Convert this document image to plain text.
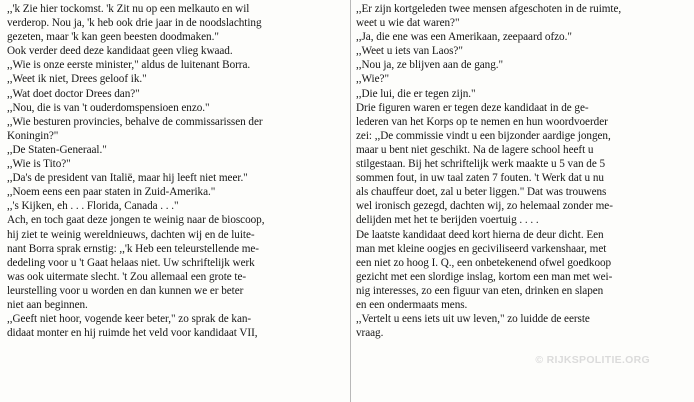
,,'k Zie hier tockomst. 'k Zit nu op een melkauto en wil
verderop. Nou ja, 'k heb ook drie jaar in de noodslachting
gezeten, maar 'k kan geen beesten doodmaken."
Ook verder deed deze kandidaat geen vlieg kwaad.
,,Wie is onze eerste minister," aldus de luitenant Borra.
,,Weet ik niet, Drees geloof ik."
,,Wat doet doctor Drees dan?"
,,Nou, die is van 't ouderdomspensioen enzo."
,,Wie besturen provincies, behalve de commissarissen der
Koningin?"
,,De Staten-Generaal."
,,Wie is Tito?"
,,Da's de president van Italië, maar hij leeft niet meer."
,,Noem eens een paar staten in Zuid-Amerika."
,,'s Kijken, eh . . . Florida, Canada . . ."
Ach, en toch gaat deze jongen te weinig naar de bioscoop,
hij ziet te weinig wereldnieuws, dachten wij en de luite-
nant Borra sprak ernstig: ,,'k Heb een teleurstellende me-
dedeling voor u 't Gaat helaas niet. Uw schriftelijk werk
was ook uitermate slecht. 't Zou allemaal een grote te-
leurstelling voor u worden en dan kunnen we er beter
niet aan beginnen.
,,Geeft niet hoor, vogende keer beter," zo sprak de kan-
didaat monter en hij ruimde het veld voor kandidaat VII,
,,Er zijn kortgeleden twee mensen afgeschoten in de ruimte,
weet u wie dat waren?"
,,Ja, die ene was een Amerikaan, zeepaard ofzo."
,,Weet u iets van Laos?"
,,Nou ja, ze blijven aan de gang."
,,Wie?"
,,Die lui, die er tegen zijn."
Drie figuren waren er tegen deze kandidaat in de ge-
lederen van het Korps op te nemen en hun woordvoerder
zei: ,,De commissie vindt u een bijzonder aardige jongen,
maar u bent niet geschikt. Na de lagere school heeft u
stilgestaan. Bij het schriftelijk werk maakte u 5 van de 5
sommen fout, in uw taal zaten 7 fouten. 't Werk dat u nu
als chauffeur doet, zal u beter liggen." Dat was trouwens
wel ironisch gezegd, dachten wij, zo helemaal zonder me-
delijden met het te berijden voertuig . . . .
De laatste kandidaat deed kort hierna de deur dicht. Een
man met kleine oogjes en geciviliseerd varkenshaar, met
een niet zo hoog I. Q., een onbetekenend ofwel goedkoop
gezicht met een slordige inslag, kortom een man met wei-
nig interesses, zo een figuur van eten, drinken en slapen
en een ondermaats mens.
,,Vertelt u eens iets uit uw leven," zo luidde de eerste
vraag.
© RIJKSPOLITIE.ORG
